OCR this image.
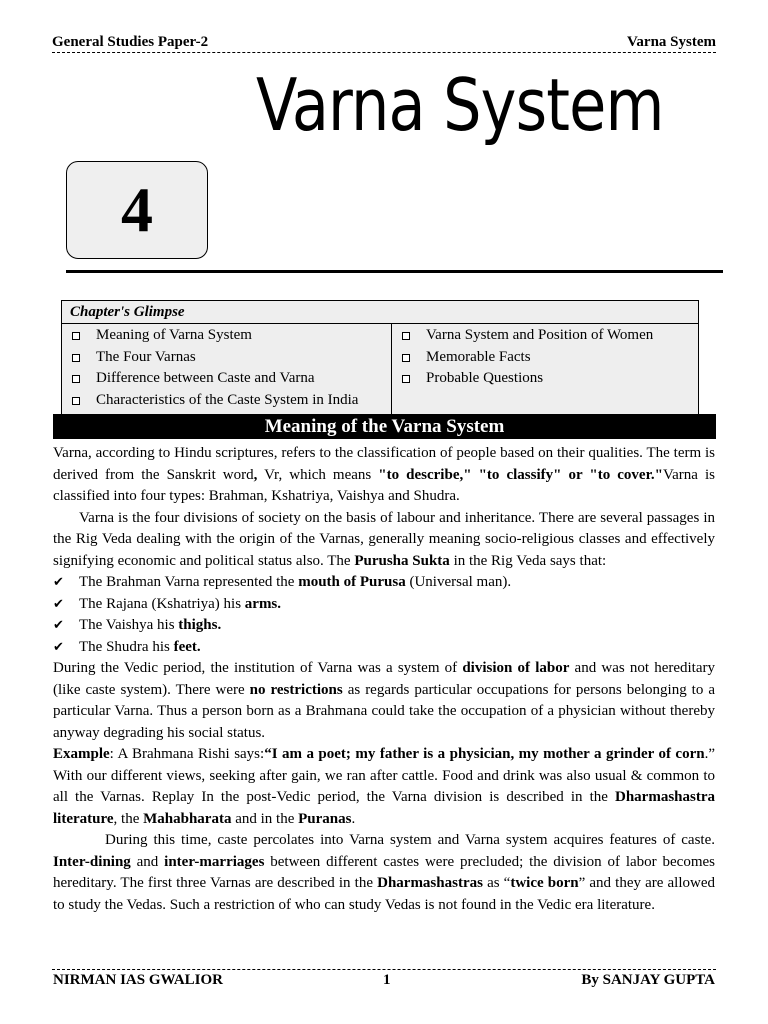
General Studies Paper-2	Varna System
Varna System
4
Chapter's Glimpse
Meaning of Varna System
The Four Varnas
Difference between Caste and Varna
Characteristics of the Caste System in India
Varna System and Position of Women
Memorable Facts
Probable Questions
Meaning of the Varna System

Varna, according to Hindu scriptures, refers to the classification of people based on their qualities. The term is derived from the Sanskrit word, Vr, which means "to describe," "to classify" or "to cover."Varna is classified into four types: Brahman, Kshatriya, Vaishya and Shudra.

Varna is the four divisions of society on the basis of labour and inheritance. There are several passages in the Rig Veda dealing with the origin of the Varnas, generally meaning socio-religious classes and effectively signifying economic and political status also. The Purusha Sukta in the Rig Veda says that:

✔ The Brahman Varna represented the mouth of Purusa (Universal man).
✔ The Rajana (Kshatriya) his arms.
✔ The Vaishya his thighs.
✔ The Shudra his feet.

During the Vedic period, the institution of Varna was a system of division of labor and was not hereditary (like caste system). There were no restrictions as regards particular occupations for persons belonging to a particular Varna. Thus a person born as a Brahmana could take the occupation of a physician without thereby anyway degrading his social status.

Example: A Brahmana Rishi says:“I am a poet; my father is a physician, my mother a grinder of corn.” With our different views, seeking after gain, we ran after cattle. Food and drink was also usual & common to all the Varnas. Replay In the post-Vedic period, the Varna division is described in the Dharmashastra literature, the Mahabharata and in the Puranas.

During this time, caste percolates into Varna system and Varna system acquires features of caste. Inter-dining and inter-marriages between different castes were precluded; the division of labor becomes hereditary. The first three Varnas are described in the Dharmashastras as “twice born” and they are allowed to study the Vedas. Such a restriction of who can study Vedas is not found in the Vedic era literature.

NIRMAN IAS GWALIOR	1	By SANJAY GUPTA
